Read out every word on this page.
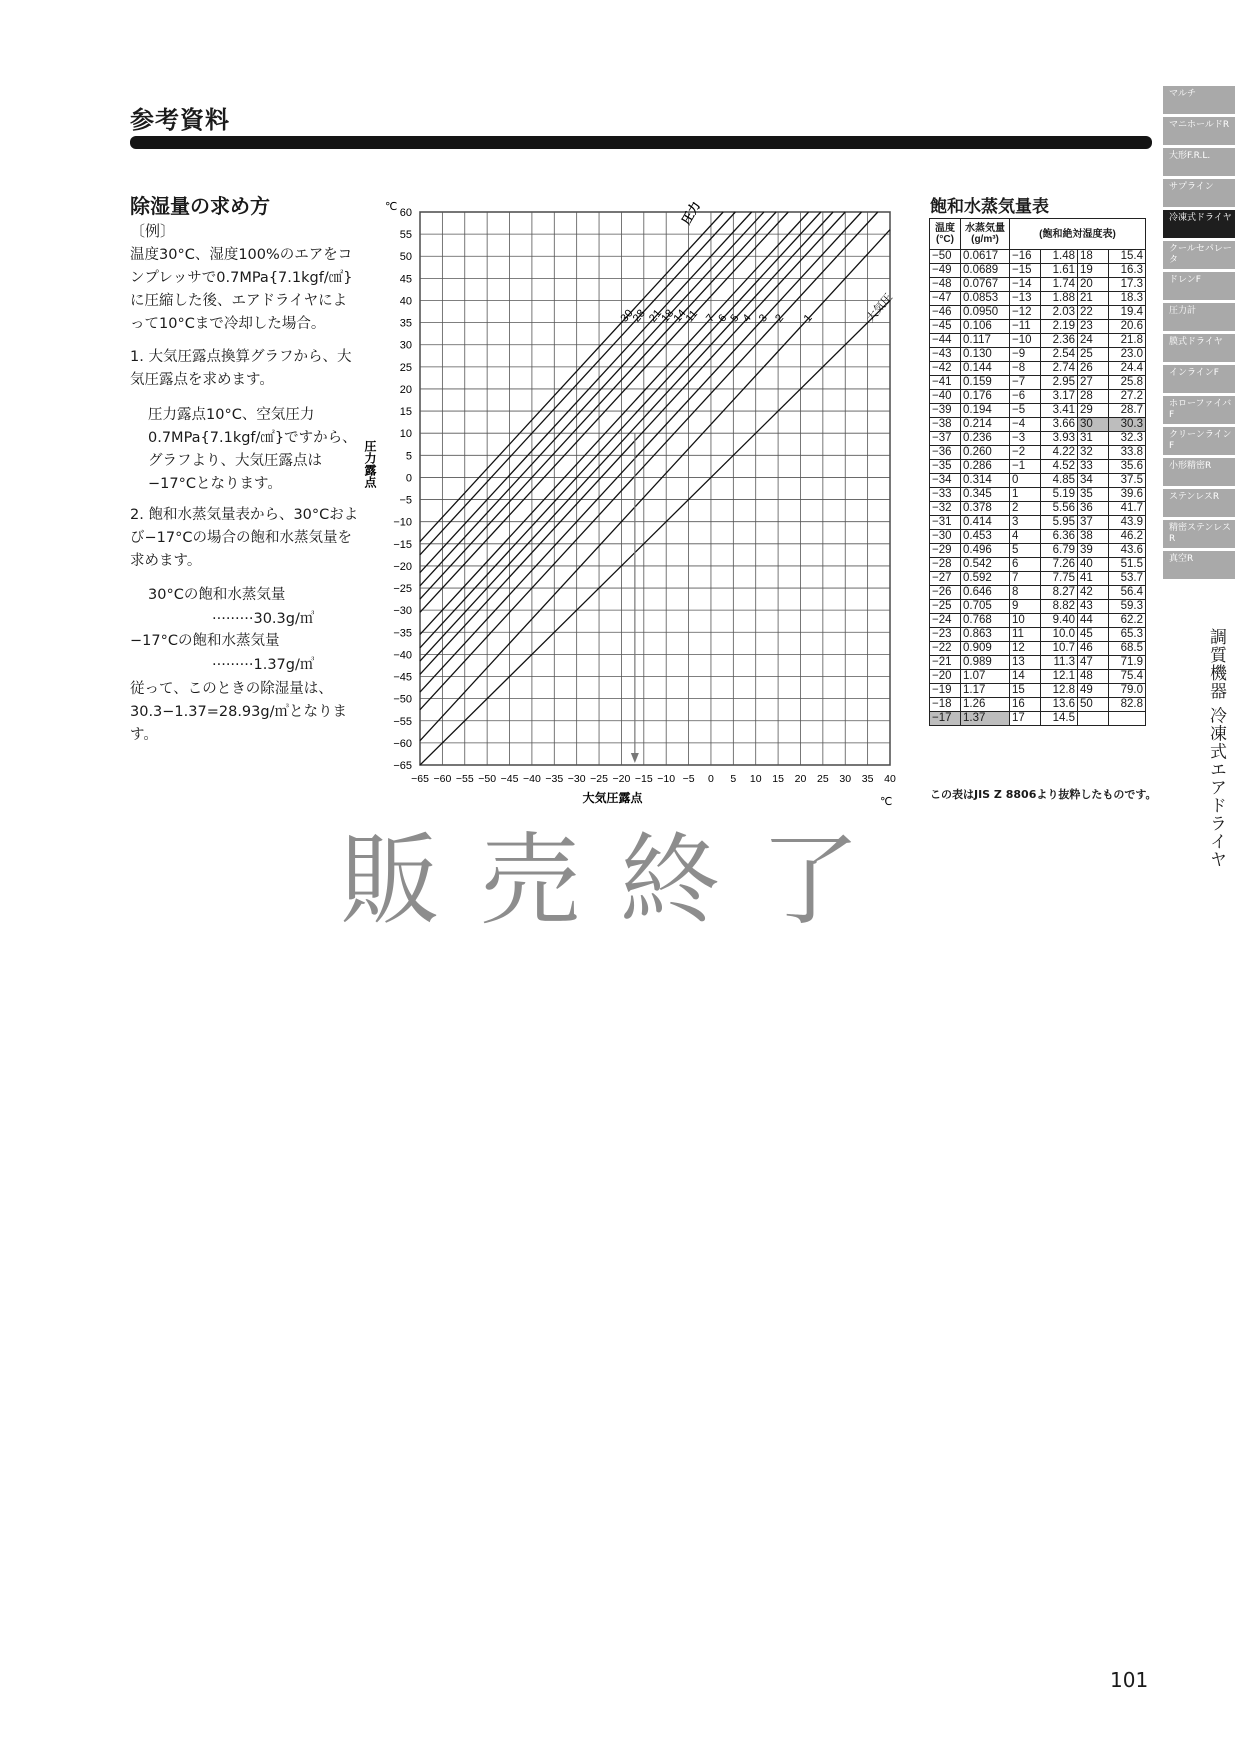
参考資料
除湿量の求め方
〔例〕
温度30°C、湿度100%のエアをコンプレッサで0.7MPa{7.1kgf/㎠}に圧縮した後、エアドライヤによって10°Cまで冷却した場合。
1. 大気圧露点換算グラフから、大気圧露点を求めます。
圧力露点10°C、空気圧力0.7MPa{7.1kgf/㎠}ですから、グラフより、大気圧露点は−17°Cとなります。
2. 飽和水蒸気量表から、30°Cおよび−17°Cの場合の飽和水蒸気量を求めます。
30°Cの飽和水蒸気量
·········30.3g/㎥
−17°Cの飽和水蒸気量
·········1.37g/㎥
従って、このときの除湿量は、30.3−1.37=28.93g/㎥となります。
60
55
50
45
40
35
30
25
20
15
10
5
0
−5
−10
−15
−20
−25
−30
−35
−40
−45
−50
−55
−60
−65
−65 −60 −55 −50 −45 −40 −35 −30 −25 −20 −15 −10 −5 0 5 10 15 20 25 30 35 40
℃
℃
圧力露点
大気圧露点
大気圧
1
2
3
4
5
6
7
11
14
18
21
28
30
圧力	飽和水蒸気量表
温度 (°C)	水蒸気量 (g/m³)	(飽和絶対湿度表)			
−50	0.0617	−16	1.48	18	15.4
−49	0.0689	−15	1.61	19	16.3
−48	0.0767	−14	1.74	20	17.3
−47	0.0853	−13	1.88	21	18.3
−46	0.0950	−12	2.03	22	19.4
−45	0.106	−11	2.19	23	20.6
−44	0.117	−10	2.36	24	21.8
−43	0.130	−9	2.54	25	23.0
−42	0.144	−8	2.74	26	24.4
−41	0.159	−7	2.95	27	25.8
−40	0.176	−6	3.17	28	27.2
−39	0.194	−5	3.41	29	28.7
−38	0.214	−4	3.66	30	30.3
−37	0.236	−3	3.93	31	32.3
−36	0.260	−2	4.22	32	33.8
−35	0.286	−1	4.52	33	35.6
−34	0.314	0	4.85	34	37.5
−33	0.345	1	5.19	35	39.6
−32	0.378	2	5.56	36	41.7
−31	0.414	3	5.95	37	43.9
−30	0.453	4	6.36	38	46.2
−29	0.496	5	6.79	39	43.6
−28	0.542	6	7.26	40	51.5
−27	0.592	7	7.75	41	53.7
−26	0.646	8	8.27	42	56.4
−25	0.705	9	8.82	43	59.3
−24	0.768	10	9.40	44	62.2
−23	0.863	11	10.0	45	65.3
−22	0.909	12	10.7	46	68.5
−21	0.989	13	11.3	47	71.9
−20	1.07	14	12.1	48	75.4
−19	1.17	15	12.8	49	79.0
−18	1.26	16	13.6	50	82.8
−17	1.37	17	14.5		
この表はJIS Z 8806より抜粋したものです。
販売終了
マルチ
マニホールドR
大形F.R.L.
サプライン
冷凍式ドライヤ
クールセパレータ
ドレンF
圧力計
膜式ドライヤ
インラインF
ホローファイバF
クリーンラインF
小形精密R
ステンレスR
精密ステンレスR
真空R
調質機器 冷凍式エアドライヤ
101
